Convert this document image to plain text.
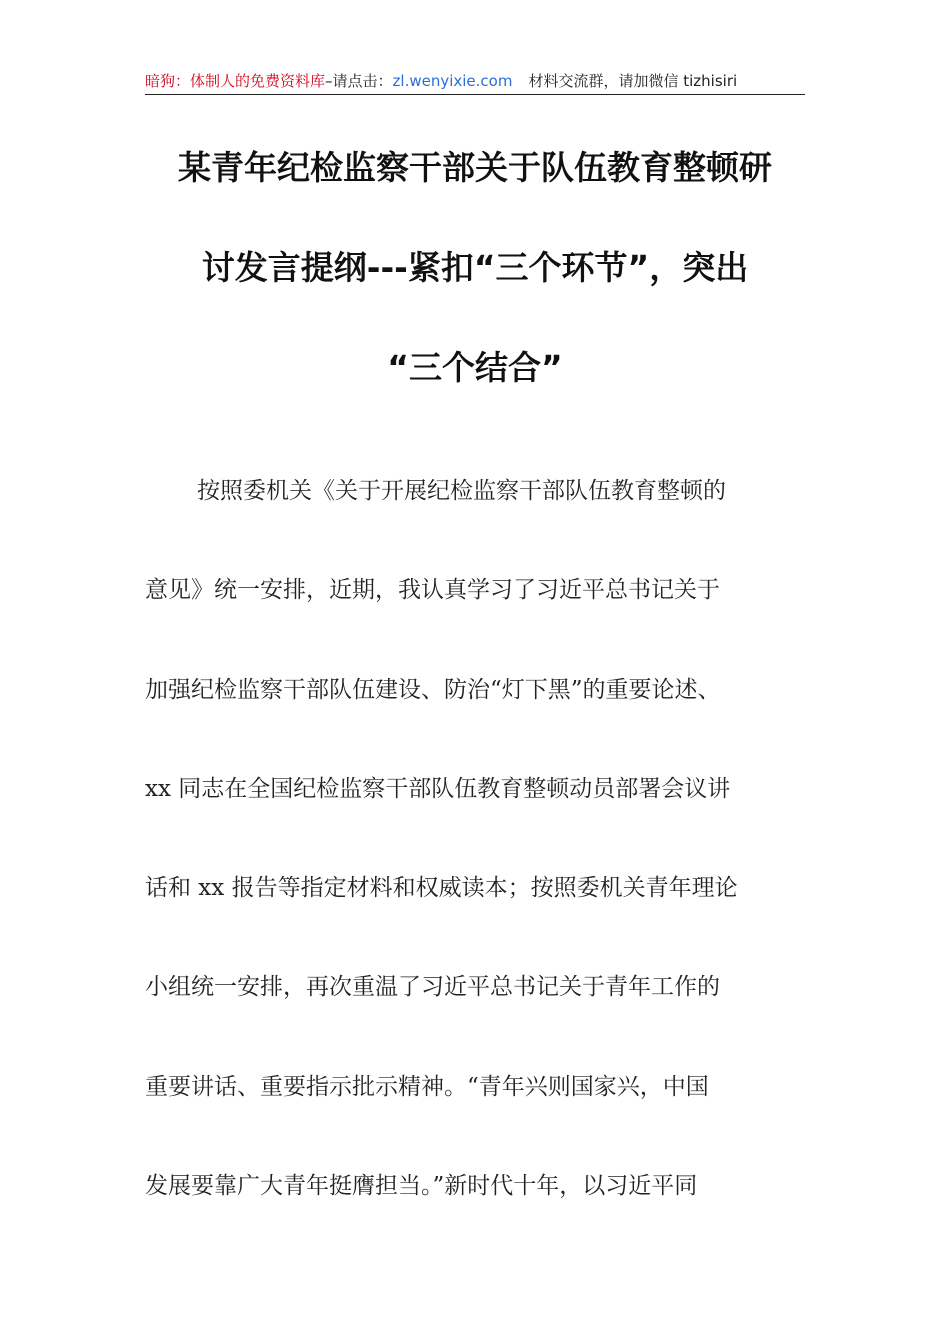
暗狗：体制人的免费资料库–请点击：zl.wenyixie.com 材料交流群，请加微信 tizhisiri
某青年纪检监察干部关于队伍教育整顿研
讨发言提纲---紧扣“三个环节”，突出
“三个结合”
按照委机关《关于开展纪检监察干部队伍教育整顿的
意见》统一安排，近期，我认真学习了习近平总书记关于
加强纪检监察干部队伍建设、防治“灯下黑”的重要论述、
xx 同志在全国纪检监察干部队伍教育整顿动员部署会议讲
话和 xx 报告等指定材料和权威读本；按照委机关青年理论
小组统一安排，再次重温了习近平总书记关于青年工作的
重要讲话、重要指示批示精神。“青年兴则国家兴，中国
发展要靠广大青年挺膺担当。”新时代十年，以习近平同
